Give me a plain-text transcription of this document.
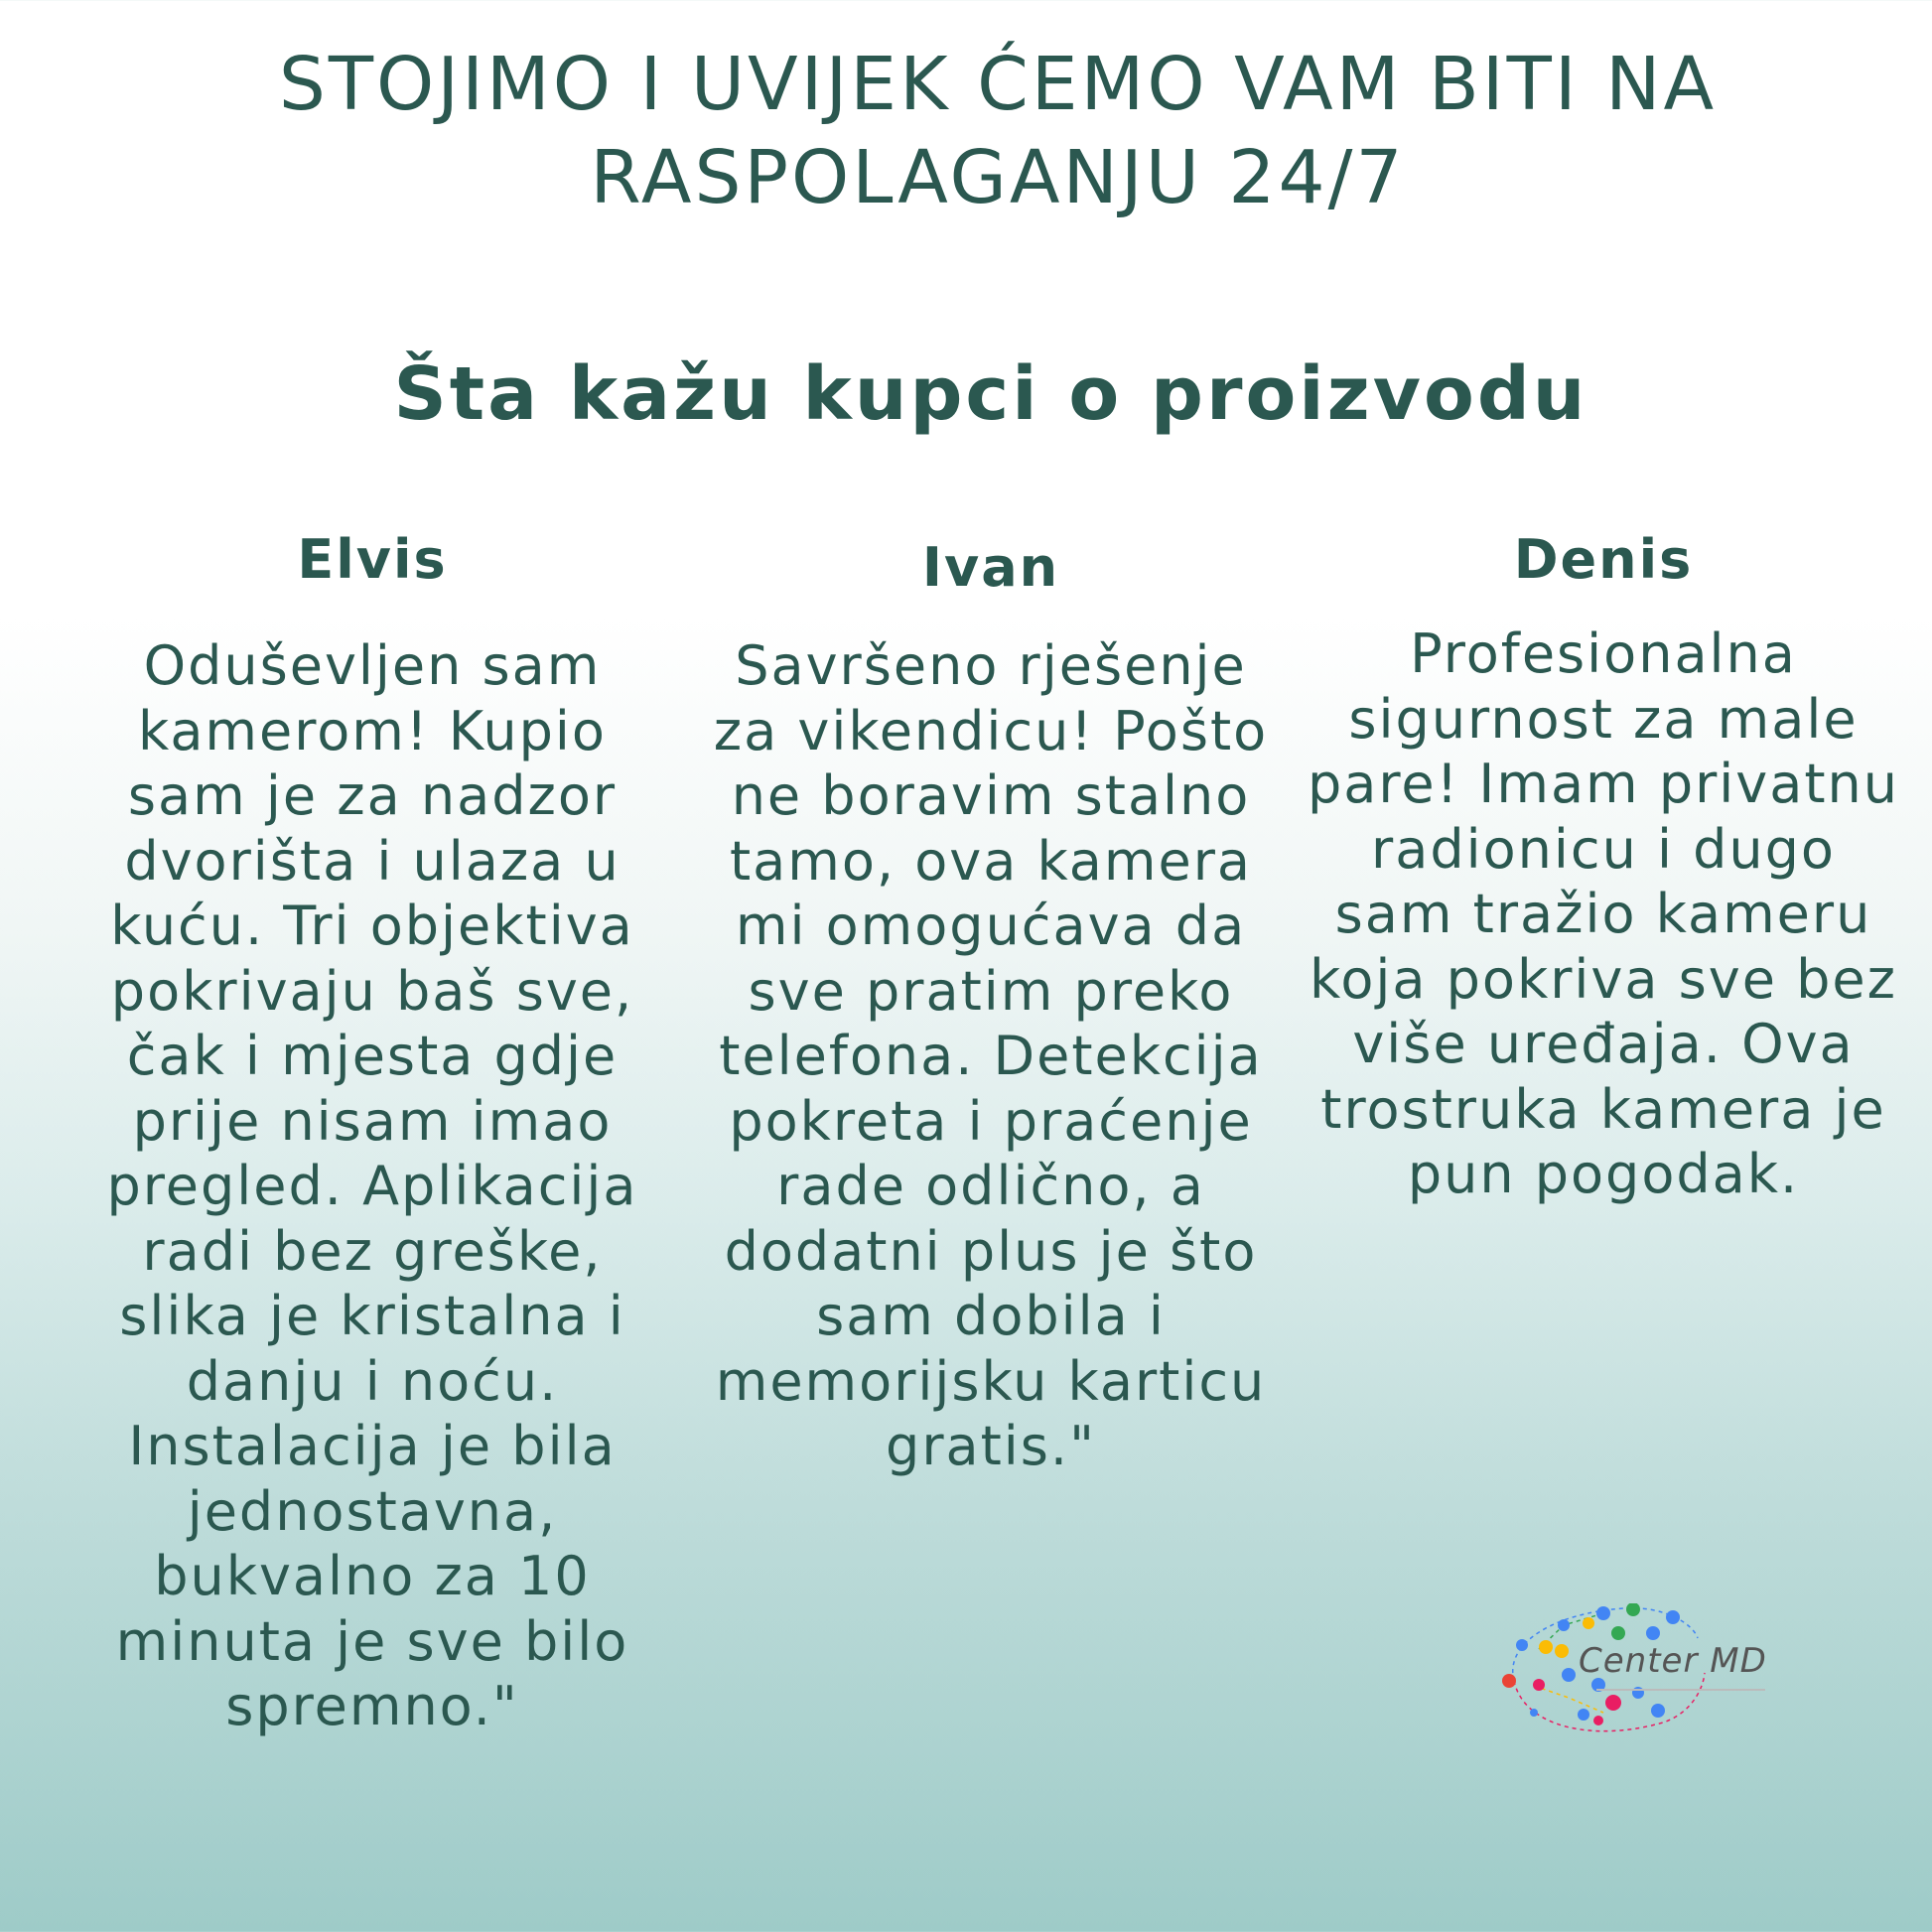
STOJIMO I UVIJEK ĆEMO VAM BITI NA RASPOLAGANJU 24/7
Šta kažu kupci o proizvodu
Elvis	Ivan	Denis

Oduševljen sam kamerom! Kupio sam je za nadzor dvorišta i ulaza u kuću. Tri objektiva pokrivaju baš sve, čak i mjesta gdje prije nisam imao pregled. Aplikacija radi bez greške, slika je kristalna i danju i noću. Instalacija je bila jednostavna, bukvalno za 10 minuta je sve bilo spremno."

Savršeno rješenje za vikendicu! Pošto ne boravim stalno tamo, ova kamera mi omogućava da sve pratim preko telefona. Detekcija pokreta i praćenje rade odlično, a dodatni plus je što sam dobila i memorijsku karticu gratis."

Profesionalna sigurnost za male pare! Imam privatnu radionicu i dugo sam tražio kameru koja pokriva sve bez više uređaja. Ova trostruka kamera je pun pogodak.

Center MD
